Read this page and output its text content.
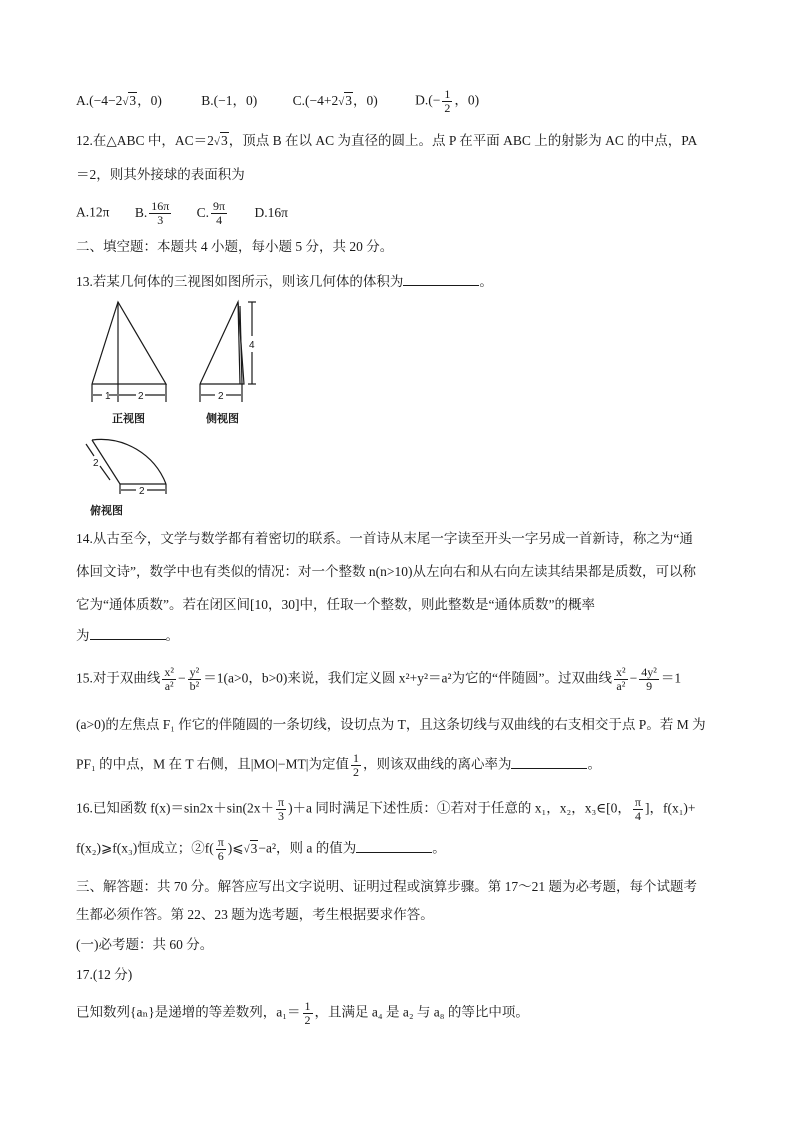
A.(−4−2√3，0)	B.(−1，0)	C.(−4+2√3，0)	$D.(- \frac{1}{2}$ ，0)
12.在△ABC 中，AC＝2√3，顶点 B 在以 AC 为直径的圆上。点 P 在平面 ABC 上的射影为 AC 的中点，PA
＝2，则其外接球的表面积为
A.12π B. $\frac{16\pi}{3} C$. $\frac{9\pi}{4} D.16\pi$
二、填空题：本题共 4 小题，每小题 5 分，共 20 分。
13.若某几何体的三视图如图所示，则该几何体的体积为	。
1	2
正视图
4
2
侧视图
2
2
俯视图
14.从古至今，文学与数学都有着密切的联系。一首诗从末尾一字读至开头一字另成一首新诗，称之为“通
体回文诗”，数学中也有类似的情况：对一个整数 n(n>10)从左向右和从右向左读其结果都是质数，可以称
它为“通体质数”。若在闭区间[10，30]中，任取一个整数，则此整数是“通体质数”的概率
为	。
15.对于双曲线 $\frac{\text{x²}}{\text{a²}} - \frac{\text{y²}}{\text{b²}} =1(a>0$，b>0)来说，我们定义圆 x²+y²＝a²为它的“伴随圆”。过双曲线 $\frac{\text{x²}}{\text{a²}} - \frac{\text{4y²}}{9} =1$
(a>0)的左焦点 F₁ 作它的伴随圆的一条切线，设切点为 T，且这条切线与双曲线的右支相交于点 P。若 M 为
PF₁ 的中点，M 在 T 右侧，且|MO|−MT|为定值 $\frac{1}{2}$ ，则该双曲线的离心率为	。
16.已知函数 $f(x)=\sin 2x+\sin(2x+ \frac{\pi}{3} )+a$ 同时满足下述性质：①若对于任意的 x₁，x₂，x₃∈[0， $\frac{\pi}{4}$ ]，f(x₁)+
f(x₂)⩾f(x₃)恒成立；②f( $\frac{\pi}{6}$ )⩽√3−a²，则 a 的值为	。
三、解答题：共 70 分。解答应写出文字说明、证明过程或演算步骤。第 17～21 题为必考题，每个试题考
生都必须作答。第 22、23 题为选考题，考生根据要求作答。
(一)必考题：共 60 分。
17.(12 分)
已知数列{aₙ}是递增的等差数列，$a_1= \frac{1}{2}$ ，且满足 a₄ 是 a₂ 与 a₈ 的等比中项。
